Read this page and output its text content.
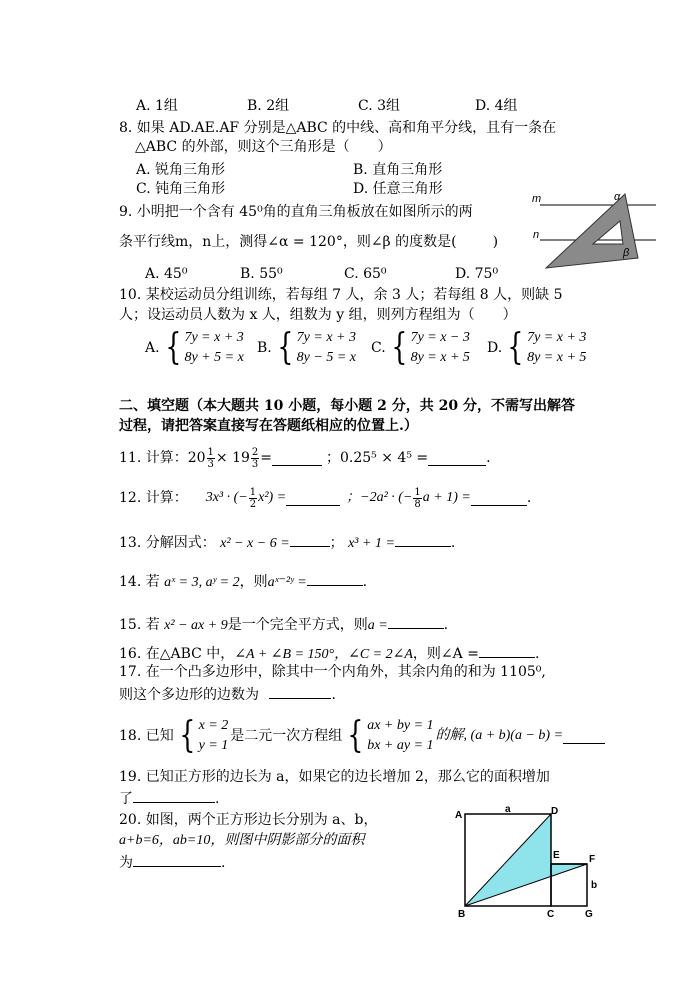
A. 1组	B. 2组	C. 3组	D. 4组
8. 如果 AD.AE.AF 分别是△ABC 的中线、高和角平分线，且有一条在
△ABC 的外部，则这个三角形是（　　）
A. 锐角三角形	B. 直角三角形
C. 钝角三角形	D. 任意三角形
9. 小明把一个含有 45⁰角的直角三角板放在如图所示的两
条平行线m，n上，测得∠α = 120°，则∠β 的度数是(	)
A. 45⁰	B. 55⁰	C. 65⁰	D. 75⁰
m
n
α
β
10. 某校运动员分组训练，若每组 7 人，余 3 人；若每组 8 人，则缺 5
人；设运动员人数为 x 人，组数为 y 组，则列方程组为（　　）
A. { 7y = x + 3
8y + 5 = x
B. { 7y = x + 3
8y − 5 = x
C. { 7y = x − 3
8y = x + 5
D. { 7y = x + 3
8y = x + 5
二、填空题（本大题共 10 小题，每小题 2 分，共 20 分，不需写出解答
过程，请把答案直接写在答题纸相应的位置上.）
11. 计算：$20 \frac{1}{3} \times 19 \frac{2}{3}$ =	；0.25⁵ × 4⁵ =	.
12. 计算： 3x³ · (− $\frac{1}{2} x^2$) =	；−2a² · (− $\frac{1}{8}$ a + 1) =	.
13. 分解因式： x² − x − 6 =	； x³ + 1 =	.
14. 若 aˣ = 3, aʸ = 2，则aˣ⁻²ʸ =	.
15. 若 x² − ax + 9是一个完全平方式，则a =	.
16. 在△ABC 中，∠A + ∠B = 150°，∠C = 2∠A，则∠A =	.
17. 在一个凸多边形中，除其中一个内角外，其余内角的和为 1105⁰,
则这个多边形的边数为	.
18. 已知 { x = 2
y = 1
是二元一次方程组 { ax + by = 1
bx + ay = 1
的解, (a + b)(a − b) =
19. 已知正方形的边长为 a，如果它的边长增加 2，那么它的面积增加
了	.
20. 如图，两个正方形边长分别为 a、b，
a+b=6，ab=10，则图中阴影部分的面积
为	.
A	D
E	F
B	C	G
a
b
